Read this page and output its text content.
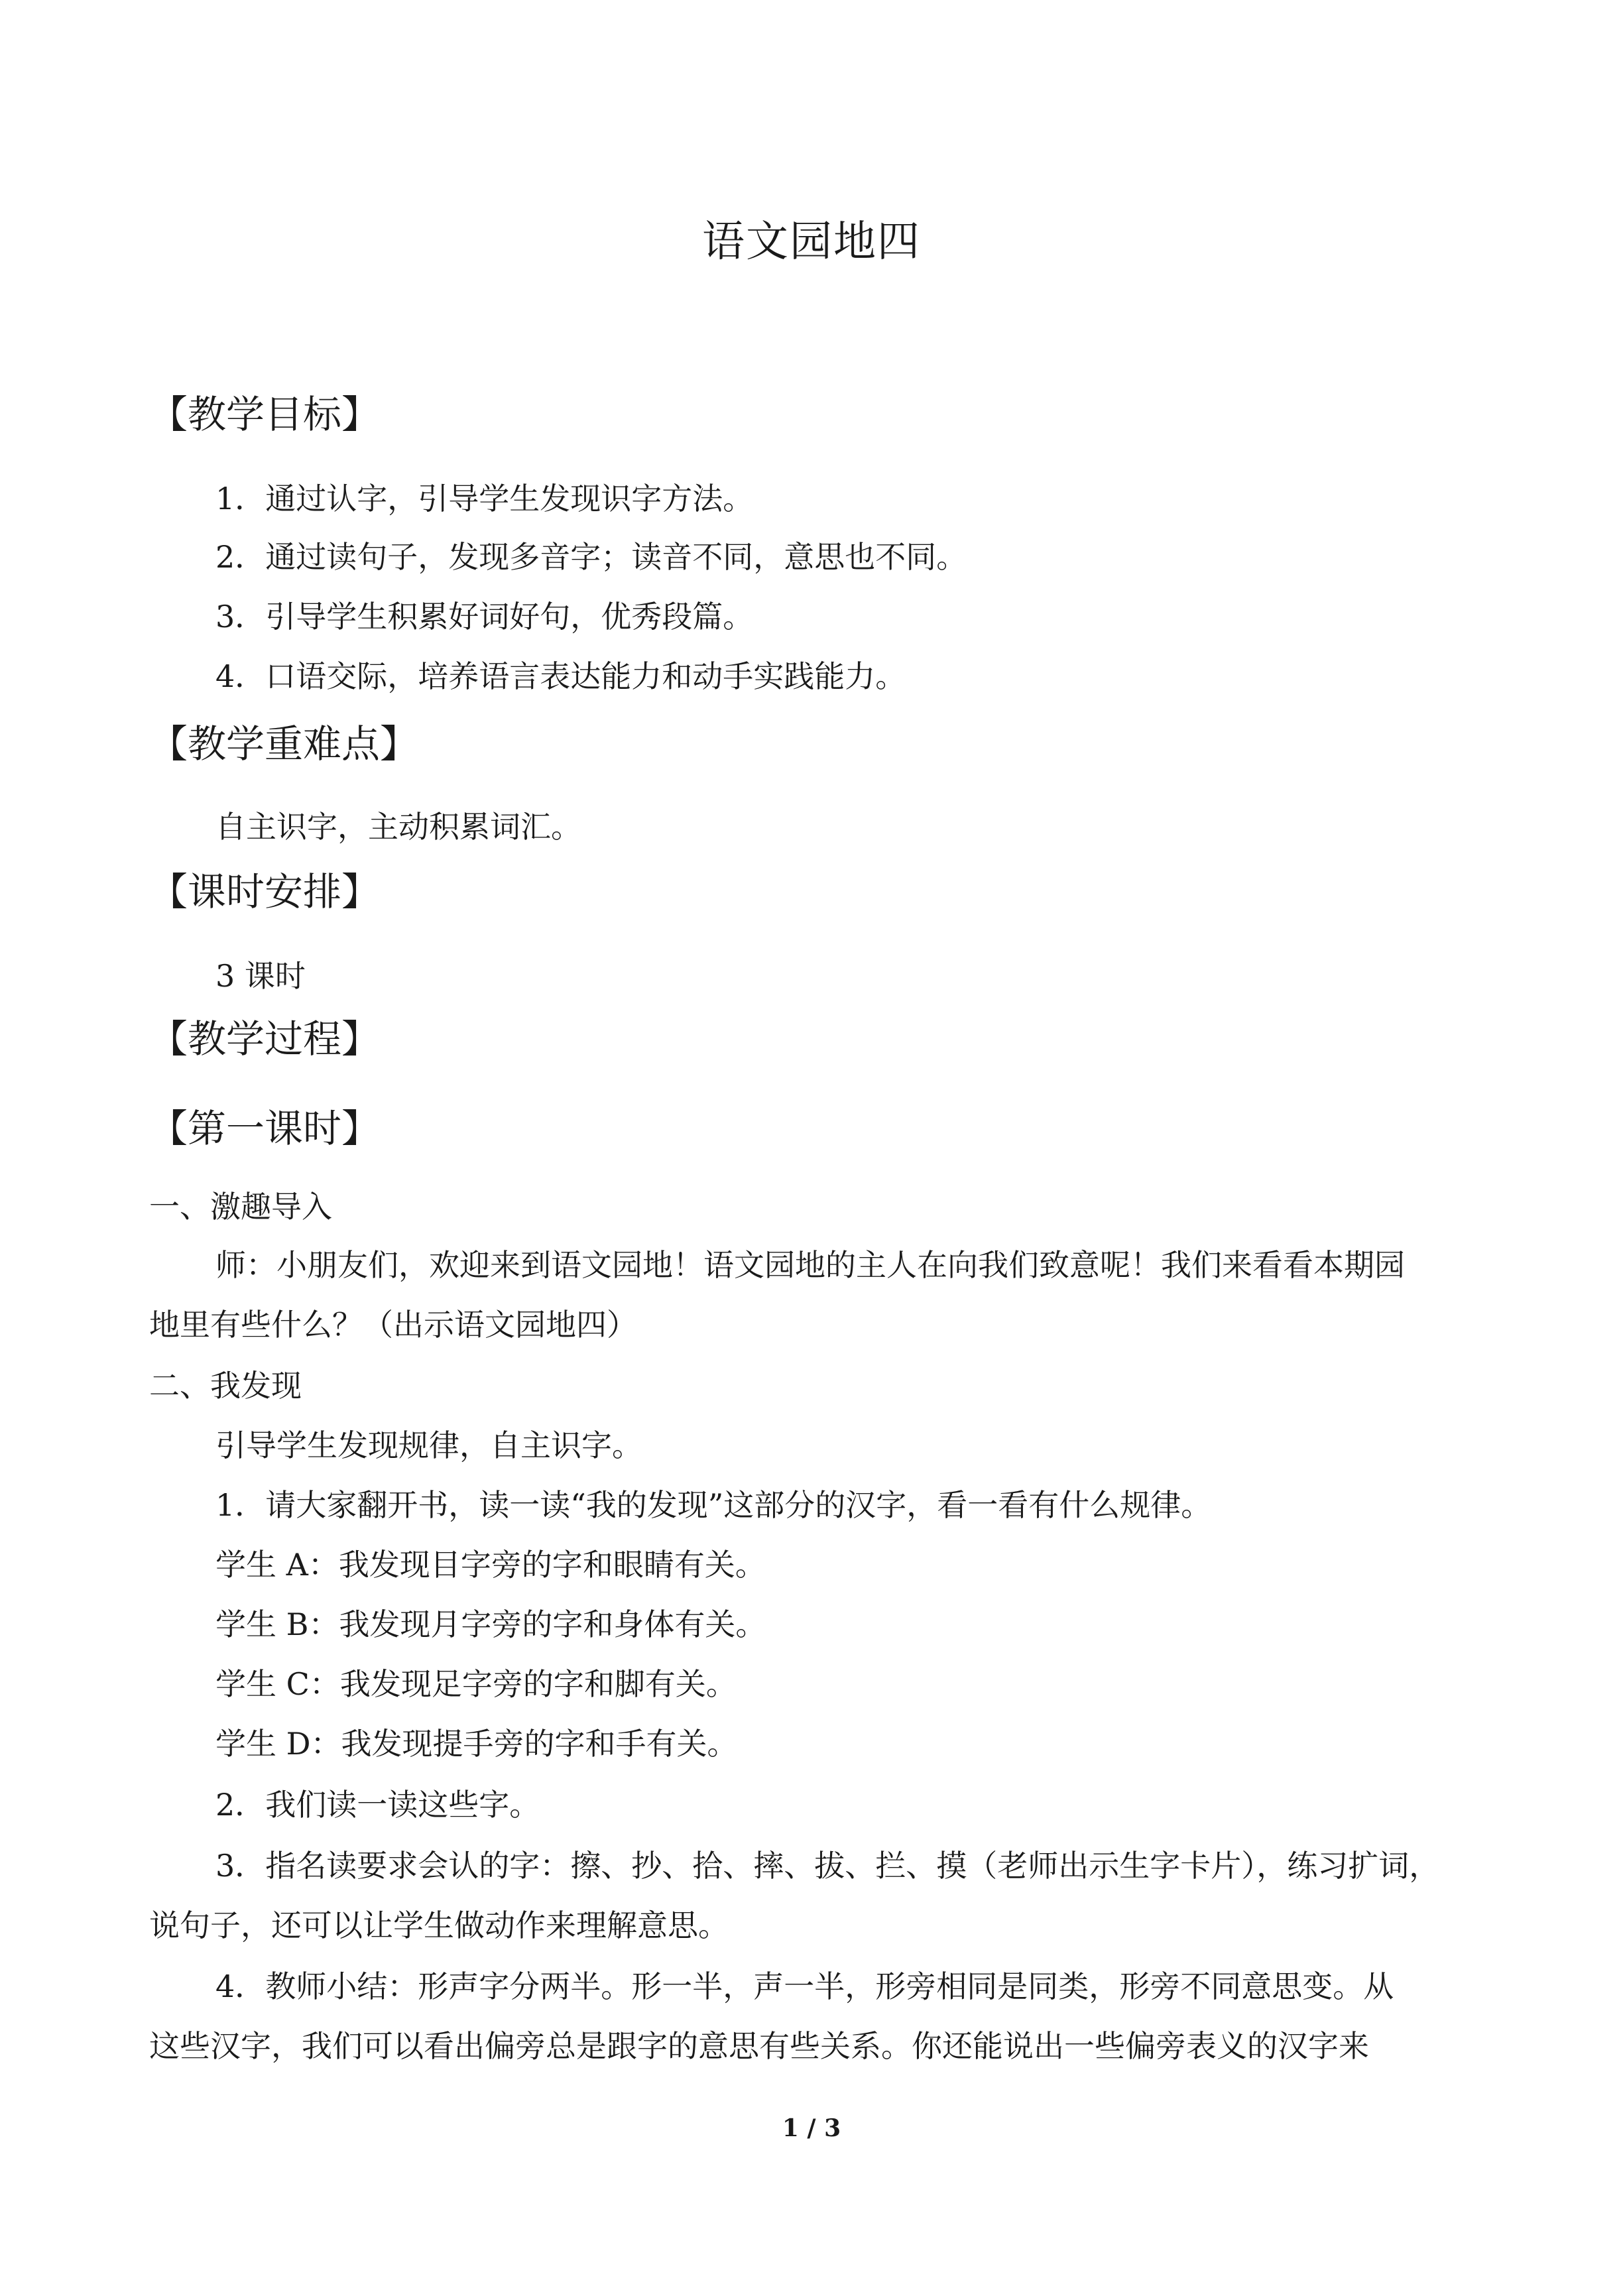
语文园地四
【教学目标】
1．通过认字，引导学生发现识字方法。
2．通过读句子，发现多音字；读音不同，意思也不同。
3．引导学生积累好词好句，优秀段篇。
4．口语交际，培养语言表达能力和动手实践能力。
【教学重难点】
自主识字，主动积累词汇。
【课时安排】
3 课时
【教学过程】
【第一课时】
一、激趣导入
师：小朋友们，欢迎来到语文园地！语文园地的主人在向我们致意呢！我们来看看本期园
地里有些什么？（出示语文园地四）
二、我发现
引导学生发现规律，自主识字。
1．请大家翻开书，读一读“我的发现”这部分的汉字，看一看有什么规律。
学生 A：我发现目字旁的字和眼睛有关。
学生 B：我发现月字旁的字和身体有关。
学生 C：我发现足字旁的字和脚有关。
学生 D：我发现提手旁的字和手有关。
2．我们读一读这些字。
3．指名读要求会认的字：擦、抄、拾、摔、拔、拦、摸（老师出示生字卡片），练习扩词，
说句子，还可以让学生做动作来理解意思。
4．教师小结：形声字分两半。形一半，声一半，形旁相同是同类，形旁不同意思变。从
这些汉字，我们可以看出偏旁总是跟字的意思有些关系。你还能说出一些偏旁表义的汉字来
1 / 3
